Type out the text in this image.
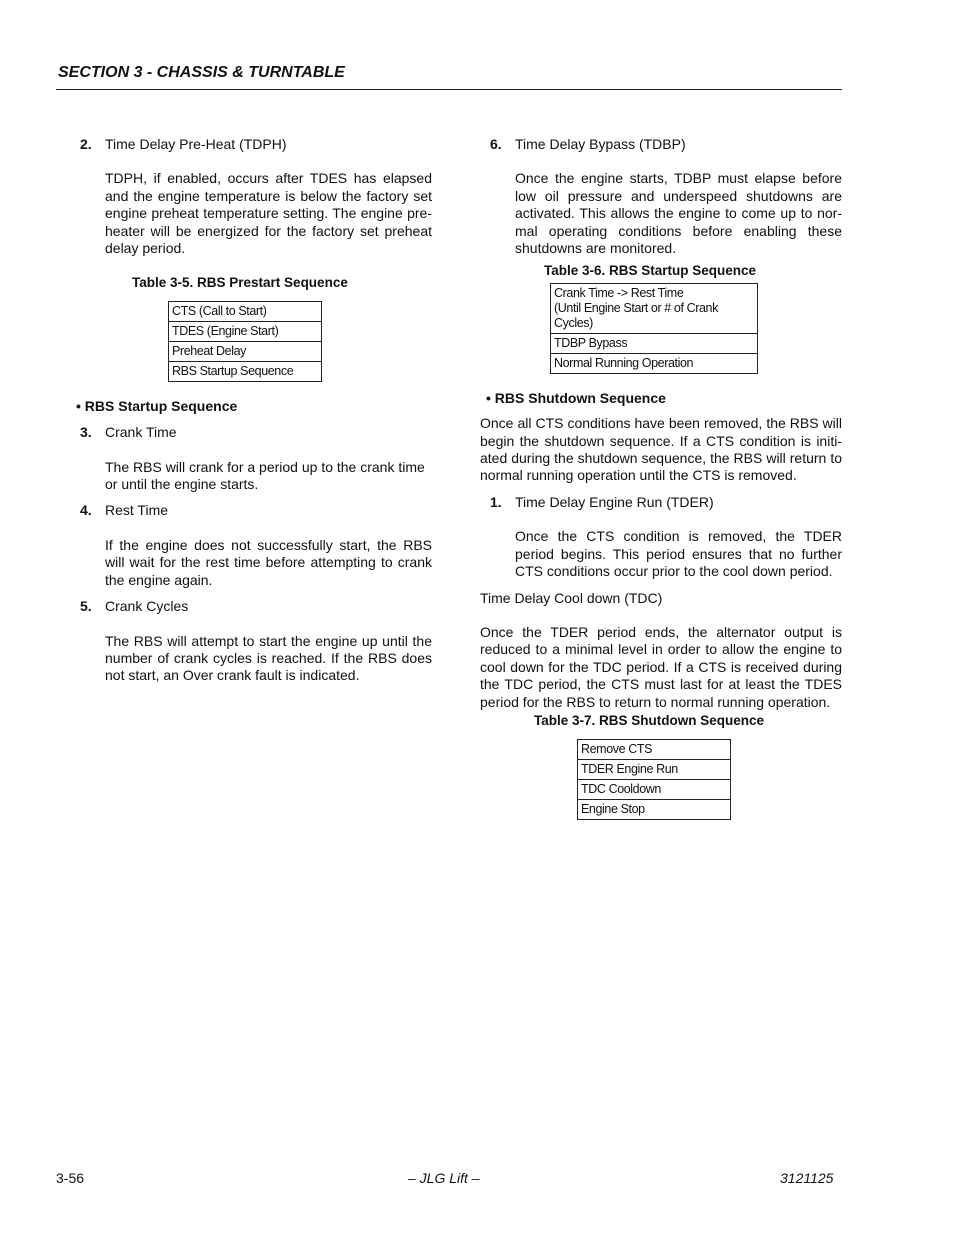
SECTION 3 - CHASSIS & TURNTABLE
2. Time Delay Pre-Heat (TDPH)

TDPH, if enabled, occurs after TDES has elapsed and the engine temperature is below the factory set engine preheat temperature setting. The engine pre-heater will be energized for the factory set preheat delay period.

Table 3-5. RBS Prestart Sequence
CTS (Call to Start)
TDES (Engine Start)
Preheat Delay
RBS Startup Sequence
• RBS Startup Sequence
3. Crank Time

The RBS will crank for a period up to the crank time or until the engine starts.

4. Rest Time

If the engine does not successfully start, the RBS will wait for the rest time before attempting to crank the engine again.

5. Crank Cycles

The RBS will attempt to start the engine up until the number of crank cycles is reached. If the RBS does not start, an Over crank fault is indicated.

6. Time Delay Bypass (TDBP)

Once the engine starts, TDBP must elapse before low oil pressure and underspeed shutdowns are activated. This allows the engine to come up to nor-mal operating conditions before enabling these shutdowns are monitored.

Table 3-6. RBS Startup Sequence
Crank Time -> Rest Time
(Until Engine Start or # of Crank Cycles)

TDBP Bypass
Normal Running Operation
• RBS Shutdown Sequence

Once all CTS conditions have been removed, the RBS will begin the shutdown sequence. If a CTS condition is initi-ated during the shutdown sequence, the RBS will return to normal running operation until the CTS is removed.

1. Time Delay Engine Run (TDER)

Once the CTS condition is removed, the TDER period begins. This period ensures that no further CTS conditions occur prior to the cool down period.

Time Delay Cool down (TDC)

Once the TDER period ends, the alternator output is reduced to a minimal level in order to allow the engine to cool down for the TDC period. If a CTS is received during the TDC period, the CTS must last for at least the TDES period for the RBS to return to normal running operation.

Table 3-7. RBS Shutdown Sequence
Remove CTS
TDER Engine Run
TDC Cooldown
Engine Stop
3-56	– JLG Lift –	3121125
